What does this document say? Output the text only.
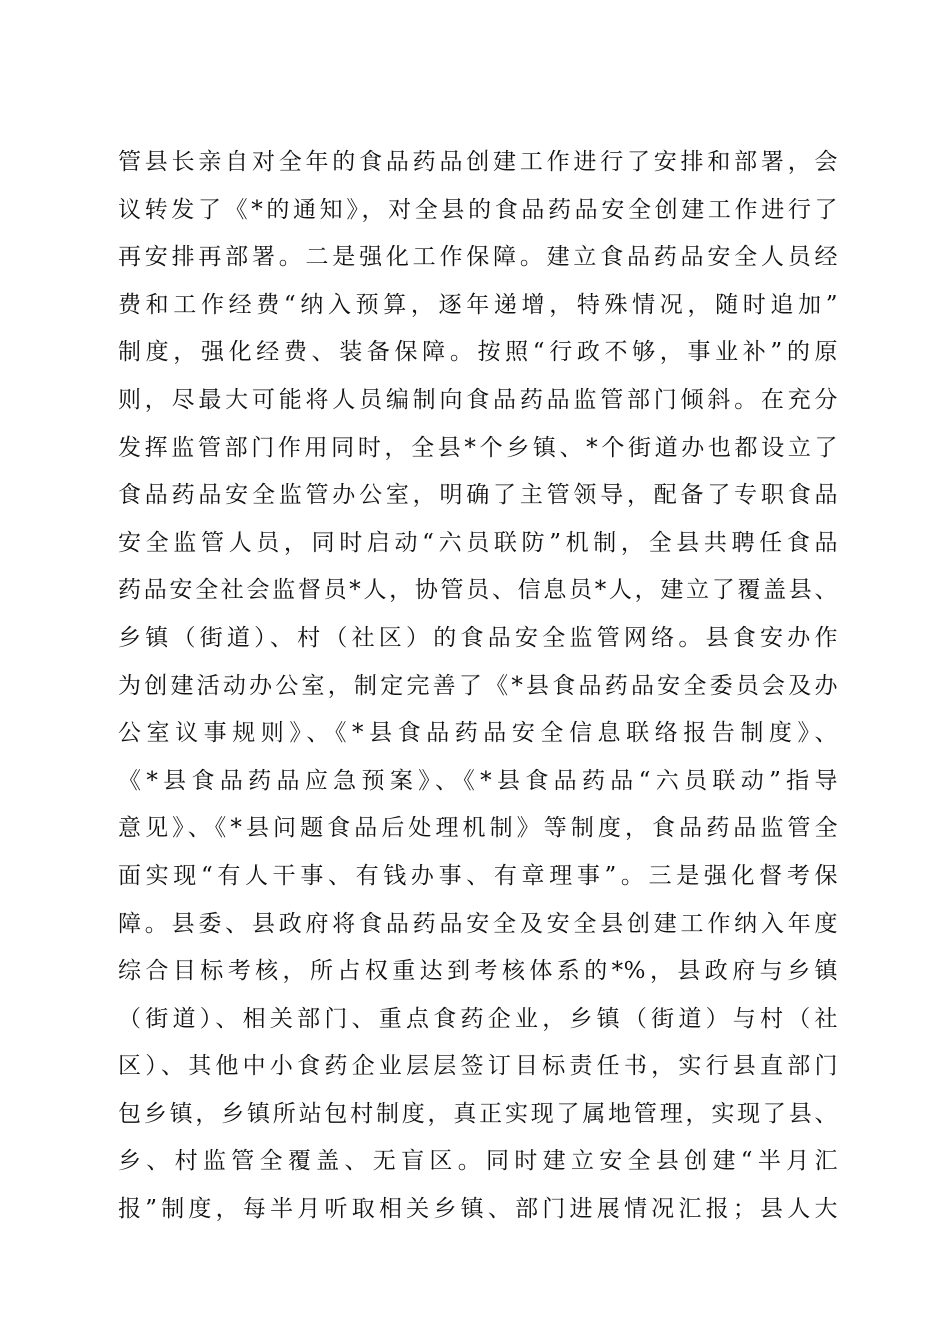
管县长亲自对全年的食品药品创建工作进行了安排和部署，会
议转发了《*的通知》，对全县的食品药品安全创建工作进行了
再安排再部署。二是强化工作保障。建立食品药品安全人员经
费和工作经费“纳入预算，逐年递增，特殊情况，随时追加”
制度，强化经费、装备保障。按照“行政不够，事业补”的原
则，尽最大可能将人员编制向食品药品监管部门倾斜。在充分
发挥监管部门作用同时，全县*个乡镇、*个街道办也都设立了
食品药品安全监管办公室，明确了主管领导，配备了专职食品
安全监管人员，同时启动“六员联防”机制，全县共聘任食品
药品安全社会监督员*人，协管员、信息员*人，建立了覆盖县、
乡镇（街道）、村（社区）的食品安全监管网络。县食安办作
为创建活动办公室，制定完善了《*县食品药品安全委员会及办
公室议事规则》、《*县食品药品安全信息联络报告制度》、
《*县食品药品应急预案》、《*县食品药品“六员联动”指导
意见》、《*县问题食品后处理机制》等制度，食品药品监管全
面实现“有人干事、有钱办事、有章理事”。三是强化督考保
障。县委、县政府将食品药品安全及安全县创建工作纳入年度
综合目标考核，所占权重达到考核体系的*%，县政府与乡镇
（街道）、相关部门、重点食药企业，乡镇（街道）与村（社
区）、其他中小食药企业层层签订目标责任书，实行县直部门
包乡镇，乡镇所站包村制度，真正实现了属地管理，实现了县、
乡、村监管全覆盖、无盲区。同时建立安全县创建“半月汇
报”制度，每半月听取相关乡镇、部门进展情况汇报；县人大
